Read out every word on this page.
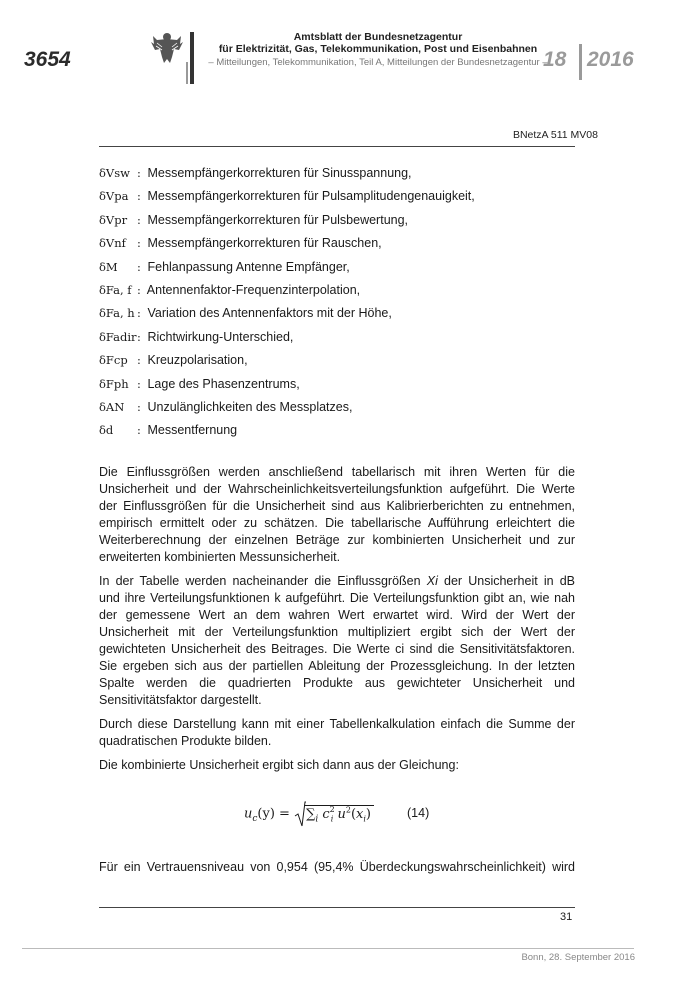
3654
Amtsblatt der Bundesnetzagentur
für Elektrizität, Gas, Telekommunikation, Post und Eisenbahnen
– Mitteilungen, Telekommunikation, Teil A, Mitteilungen der Bundesnetzagentur –
18 2016
BNetzA 511 MV08
δVsw : Messempfängerkorrekturen für Sinusspannung,
δVpa : Messempfängerkorrekturen für Pulsamplitudengenauigkeit,
δVpr : Messempfängerkorrekturen für Pulsbewertung,
δVnf : Messempfängerkorrekturen für Rauschen,
δM : Fehlanpassung Antenne Empfänger,
δFa, f : Antennenfaktor-Frequenzinterpolation,
δFa, h : Variation des Antennenfaktors mit der Höhe,
δFadir: Richtwirkung-Unterschied,
δFcp : Kreuzpolarisation,
δFph : Lage des Phasenzentrums,
δAN : Unzulänglichkeiten des Messplatzes,
δd : Messentfernung

Die Einflussgrößen werden anschließend tabellarisch mit ihren Werten für die Unsicherheit und der Wahrscheinlichkeitsverteilungsfunktion aufgeführt. Die Werte der Einflussgrößen für die Unsicherheit sind aus Kalibrierberichten zu entnehmen, empirisch ermittelt oder zu schätzen. Die tabellarische Aufführung erleichtert die Weiterberechnung der einzelnen Beträge zur kombinierten Unsicherheit und zur erweiterten kombinierten Messunsicherheit.

In der Tabelle werden nacheinander die Einflussgrößen Xi der Unsicherheit in dB und ihre Verteilungsfunktionen k aufgeführt. Die Verteilungsfunktion gibt an, wie nah der gemessene Wert an dem wahren Wert erwartet wird. Wird der Wert der Unsicherheit mit der Verteilungsfunktion multipliziert ergibt sich der Wert der gewichteten Unsicherheit des Beitrages. Die Werte ci sind die Sensitivitätsfaktoren. Sie ergeben sich aus der partiellen Ableitung der Prozessgleichung. In der letzten Spalte werden die quadrierten Produkte aus gewichteter Unsicherheit und Sensitivitätsfaktor dargestellt.

Durch diese Darstellung kann mit einer Tabellenkalkulation einfach die Summe der quadratischen Produkte bilden.

Die kombinierte Unsicherheit ergibt sich dann aus der Gleichung:

$u_c(y) = \sum_i$ $c^2_i$ $u^2(x_i)$	(14)
Für ein Vertrauensniveau von 0,954 (95,4% Überdeckungswahrscheinlichkeit) wird
31
Bonn, 28. September 2016
